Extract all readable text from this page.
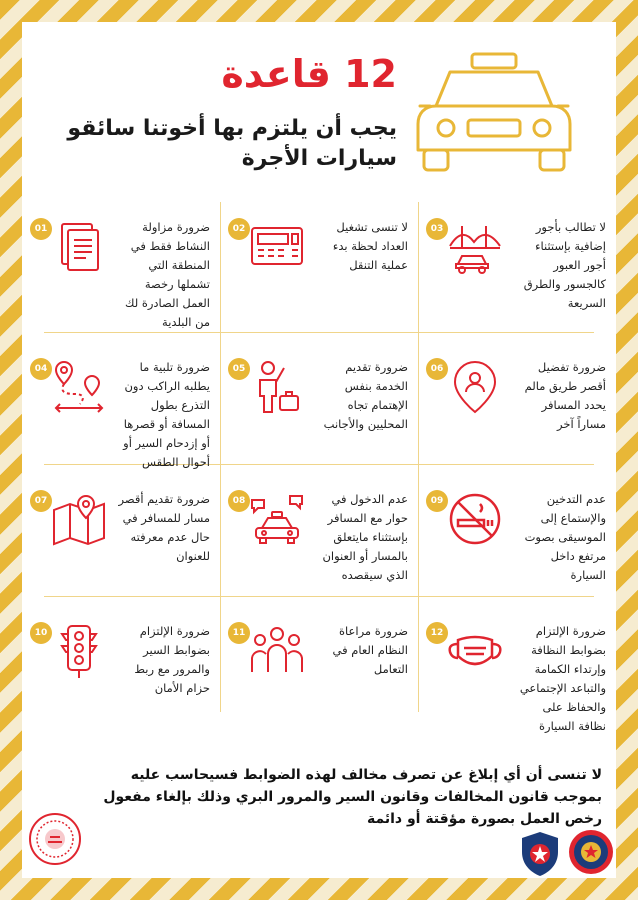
12 قاعدة
يجب أن يلتزم بها أخوتنا سائقو سيارات الأجرة
01	ضرورة مزاولة النشاط فقط في المنطقة التي تشملها رخصة العمل الصادرة لك من البلدية
02	لا تنسى تشغيل العداد لحظة بدء عملية التنقل
03	لا تطالب بأجور إضافية بإستثناء أجور العبور كالجسور والطرق السريعة
04	ضرورة تلبية ما يطلبه الراكب دون التذرع بطول المسافة أو قصرها أو إزدحام السير أو أحوال الطقس
05	ضرورة تقديم الخدمة بنفس الإهتمام تجاه المحليين والأجانب
06	ضرورة تفضيل أقصر طريق مالم يحدد المسافر مساراً آخر
07	ضرورة تقديم أقصر مسار للمسافر في حال عدم معرفته للعنوان
08	عدم الدخول في حوار مع المسافر بإستثناء مايتعلق بالمسار أو العنوان الذي سيقصده
09	عدم التدخين والإستماع إلى الموسيقى بصوت مرتفع داخل السيارة
10	ضرورة الإلتزام بضوابط السير والمرور مع ربط حزام الأمان
11	ضرورة مراعاة النظام العام في التعامل
12	ضرورة الإلتزام بضوابط النظافة وإرتداء الكمامة والتباعد الإجتماعي والحفاظ على نظافة السيارة
لا تنسى أن أي إبلاغ عن تصرف مخالف لهذه الضوابط فسيحاسب عليه بموجب قانون المخالفات وقانون السير والمرور البري وذلك بإلغاء مفعول رخص العمل بصورة مؤقتة أو دائمة
